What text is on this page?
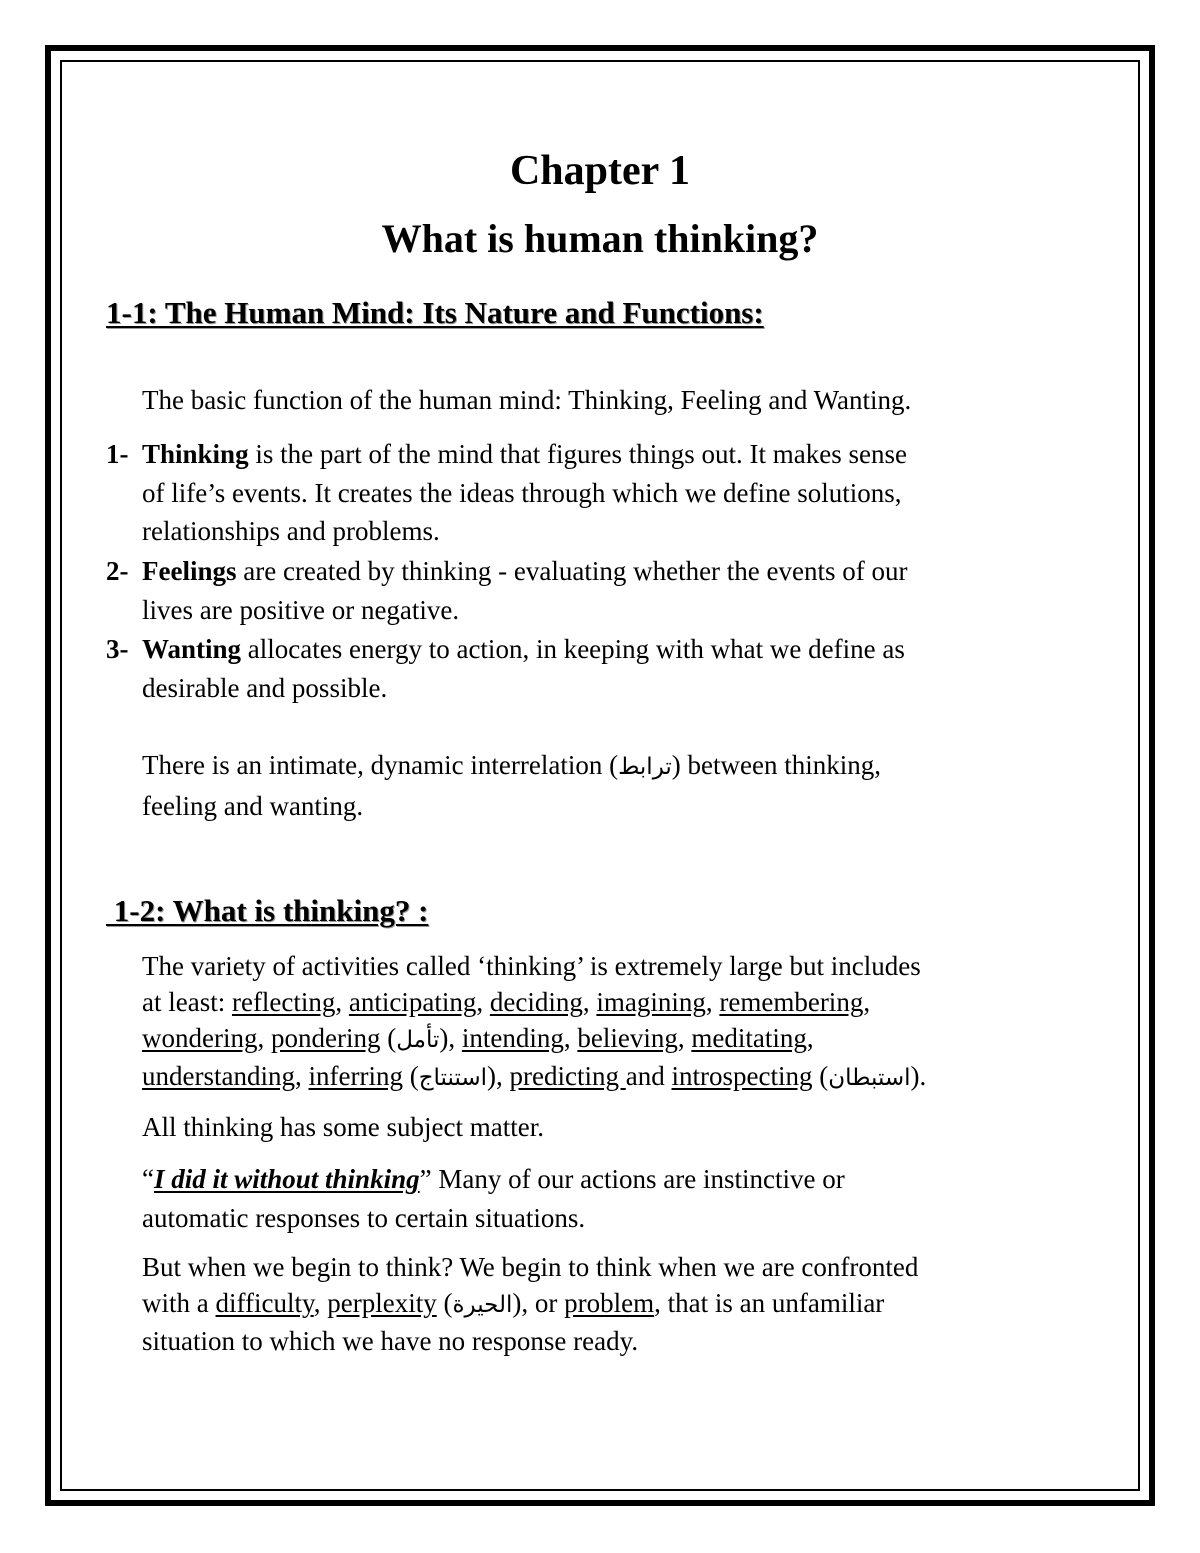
Chapter 1
What is human thinking?
1-1: The Human Mind: Its Nature and Functions:

The basic function of the human mind: Thinking, Feeling and Wanting.

1- Thinking is the part of the mind that figures things out. It makes sense
of life’s events. It creates the ideas through which we define solutions,
relationships and problems.
2- Feelings are created by thinking - evaluating whether the events of our
lives are positive or negative.
3- Wanting allocates energy to action, in keeping with what we define as
desirable and possible.
There is an intimate, dynamic interrelation (ترابط) between thinking,
feeling and wanting.
1-2: What is thinking? :
The variety of activities called ‘thinking’ is extremely large but includes
at least: reflecting, anticipating, deciding, imagining, remembering,
wondering, pondering (تأمل), intending, believing, meditating,
understanding, inferring (استنتاج), predicting and introspecting (استبطان).

All thinking has some subject matter.

“I did it without thinking” Many of our actions are instinctive or
automatic responses to certain situations.
But when we begin to think? We begin to think when we are confronted
with a difficulty, perplexity (الحيرة), or problem, that is an unfamiliar
situation to which we have no response ready.
